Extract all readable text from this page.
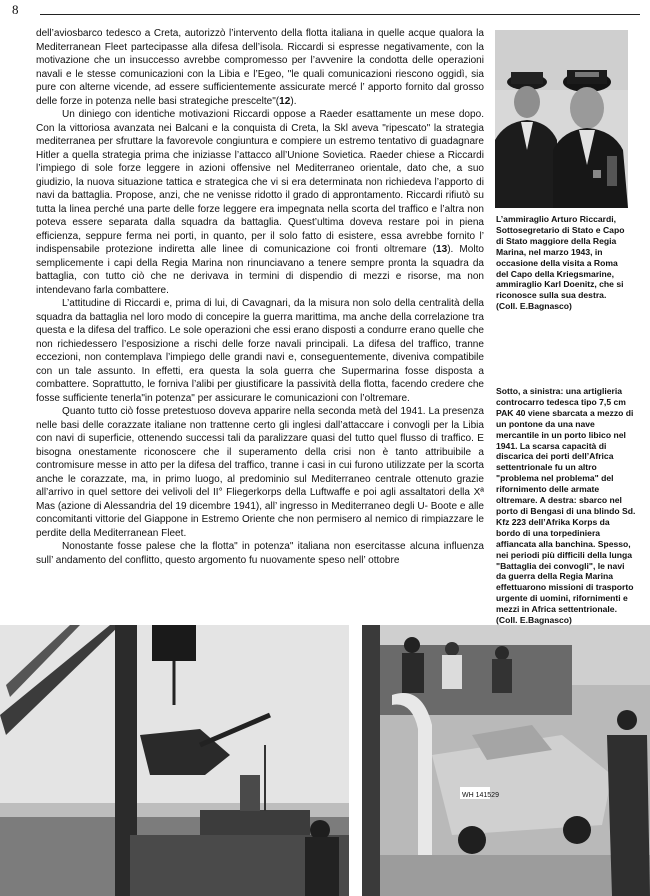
8

dell’aviosbarco tedesco a Creta, autorizzò l’intervento della flotta italiana in quelle acque qualora la Mediterranean Fleet partecipasse alla difesa dell’isola. Riccardi si espresse negativamente, con la motivazione che un insuccesso avrebbe compromesso per l’avvenire la condotta delle operazioni navali e le stesse comunicazioni con la Libia e l’Egeo, "le quali comunicazioni riescono oggidì, sia pure con alterne vicende, ad essere sufficientemente assicurate mercé l’ apporto fornito dal grosso delle forze in potenza nelle basi strategiche prescelte"(12).

Un diniego con identiche motivazioni Riccardi oppose a Raeder esattamente un mese dopo. Con la vittoriosa avanzata nei Balcani e la conquista di Creta, la Skl aveva "ripescato" la strategia mediterranea per sfruttare la favorevole congiuntura e compiere un estremo tentativo di guadagnare Hitler a quella strategia prima che iniziasse l’attacco all’Unione Sovietica. Raeder chiese a Riccardi l’impiego di sole forze leggere in azioni offensive nel Mediterraneo orientale, dato che, a suo giudizio, la nuova situazione tattica e strategica che vi si era determinata non richiedeva l’apporto di navi da battaglia. Propose, anzi, che ne venisse ridotto il grado di approntamento. Riccardi rifiutò su tutta la linea perché una parte delle forze leggere era impegnata nella scorta del traffico e l’altra non poteva essere separata dalla squadra da battaglia. Quest’ultima doveva restare poi in piena efficienza, seppure ferma nei porti, in quanto, per il solo fatto di esistere, essa avrebbe fornito l’ indispensabile protezione indiretta alle linee di comunicazione coi fronti oltremare (13). Molto semplicemente i capi della Regia Marina non rinunciavano a tenere sempre pronta la squadra da battaglia, con tutto ciò che ne derivava in termini di dispendio di mezzi e risorse, ma non intendevano farla combattere.

L’attitudine di Riccardi e, prima di lui, di Cavagnari, da la misura non solo della centralità della squadra da battaglia nel loro modo di concepire la guerra marittima, ma anche della correlazione tra questa e la difesa del traffico. Le sole operazioni che essi erano disposti a condurre erano quelle che non richiedessero l’esposizione a rischi delle forze navali principali. La difesa del traffico, tranne eccezioni, non contemplava l’impiego delle grandi navi e, conseguentemente, diveniva compatibile con un tale assunto. In effetti, era questa la sola guerra che Supermarina fosse disposta a combattere. Soprattutto, le forniva l’alibi per giustificare la passività della flotta, facendo credere che fosse sufficiente tenerla"in potenza" per assicurare le comunicazioni con l’oltremare.

Quanto tutto ciò fosse pretestuoso doveva apparire nella seconda metà del 1941. La presenza nelle basi delle corazzate italiane non trattenne certo gli inglesi dall’attaccare i convogli per la Libia con navi di superficie, ottenendo successi tali da paralizzare quasi del tutto quel flusso di traffico. E bisogna onestamente riconoscere che il superamento della crisi non è tanto attribuibile a contromisure messe in atto per la difesa del traffico, tranne i casi in cui furono utilizzate per la scorta anche le corazzate, ma, in primo luogo, al predominio sul Mediterraneo centrale ottenuto grazie all’arrivo in quel settore dei velivoli del II° Fliegerkorps della Luftwaffe e poi agli assaltatori della Xª Mas (azione di Alessandria del 19 dicembre 1941), all’ ingresso in Mediterraneo degli U- Boote e alle concomitanti vittorie del Giappone in Estremo Oriente che non permisero al nemico di rimpiazzare le perdite della Mediterranean Fleet.

Nonostante fosse palese che la flotta" in potenza" italiana non esercitasse alcuna influenza sull’ andamento del conflitto, questo argomento fu nuovamente speso nell’ ottobre

L’ammiraglio Arturo Riccardi, Sottosegretario di Stato e Capo di Stato maggiore della Regia Marina, nel marzo 1943, in occasione della visita a Roma del Capo della Kriegsmarine, ammiraglio Karl Doenitz, che si riconosce sulla sua destra.
(Coll. E.Bagnasco)
Sotto, a sinistra: una artiglieria controcarro tedesca tipo 7,5 cm PAK 40 viene sbarcata a mezzo di un pontone da una nave mercantile in un porto libico nel 1941. La scarsa capacità di discarica dei porti dell’Africa settentrionale fu un altro "problema nel problema" del rifornimento delle armate oltremare. A destra: sbarco nel porto di Bengasi di una blindo Sd. Kfz 223 dell’Afrika Korps da bordo di una torpediniera affiancata alla banchina. Spesso, nei periodi più difficili della lunga "Battaglia dei convogli", le navi da guerra della Regia Marina effettuarono missioni di trasporto urgente di uomini, rifornimenti e mezzi in Africa settentrionale.
(Coll. E.Bagnasco)
WH 141529
